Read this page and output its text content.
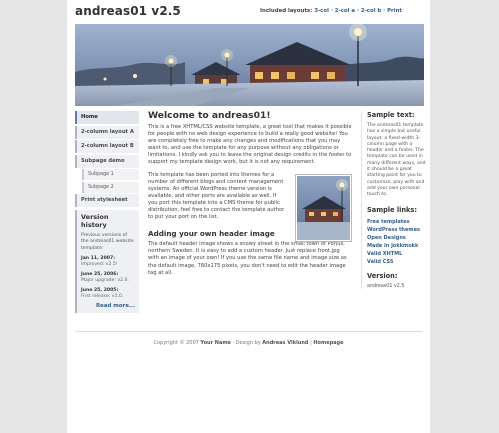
andreas01 v2.5	Included layouts: 3-col · 2-col a · 2-col b · Print
Home
2-column layout A
2-column layout B
Subpage demo
Subpage 1
Subpage 2
Print stylesheet
Version history
Previous versions of the andreas01 website template:
Jan 11, 2007:
Improved: v2.5!
June 25, 2006:
Major upgrade: v2.0.
June 25, 2005:
First release: v1.0.
Read more...
Welcome to andreas01!

This is a free XHTML/CSS website template, a great tool that makes it possible for people with no web design experience to build a really good website! You are completely free to make any changes and modifications that you may want to, and use the template for any purpose without any obligations or limitations. I kindly ask you to leave the original design credits in the footer to support my template design work, but it is not any requirement.

This template has been ported into themes for a number of different blogs and content management systems. An official WordPress theme version is available, and other ports are available as well. If you port this template into a CMS theme for public distribution, feel free to contact the template author to put your port on the list.

Adding your own header image

The default header image shows a snowy street in the small town of Porjus, northern Sweden. It is easy to add a custom header. Just replace front.jpg with an image of your own! If you use the same file name and image size as the default image, 760x175 pixels, you don't need to edit the header image tag at all.

Sample text:
The andreas01 template has a simple but useful layout: a fixed-width 3-column page with a header and a footer. The template can be used in many different ways, and it should be a great starting point for you to customize, play with and add your own personal touch to.
Sample links:
Free templates
WordPress themes
Open Designs
Made in Jokkmokk
Valid XHTML
Valid CSS
Version:
andreas01 v2.5
Copyright © 2007 Your Name · Design by Andreas Viklund | Homepage
